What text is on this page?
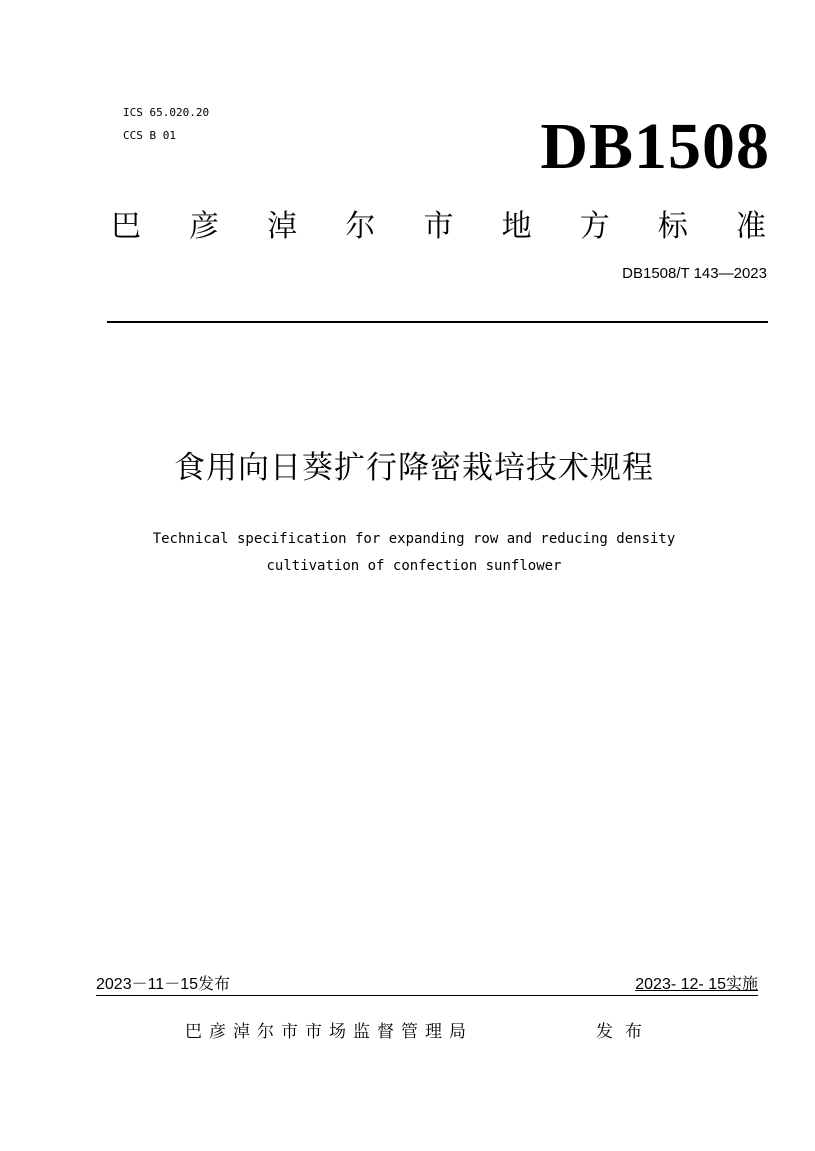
ICS 65.020.20
CCS B 01	DB1508
巴 彦 淖 尔 市 地 方 标 准
DB1508/T 143—2023
食用向日葵扩行降密栽培技术规程
Technical specification for expanding row and reducing density
cultivation of confection sunflower
2023－11－15发布	2023- 12- 15实施
巴彦淖尔市市场监督管理局	发布
